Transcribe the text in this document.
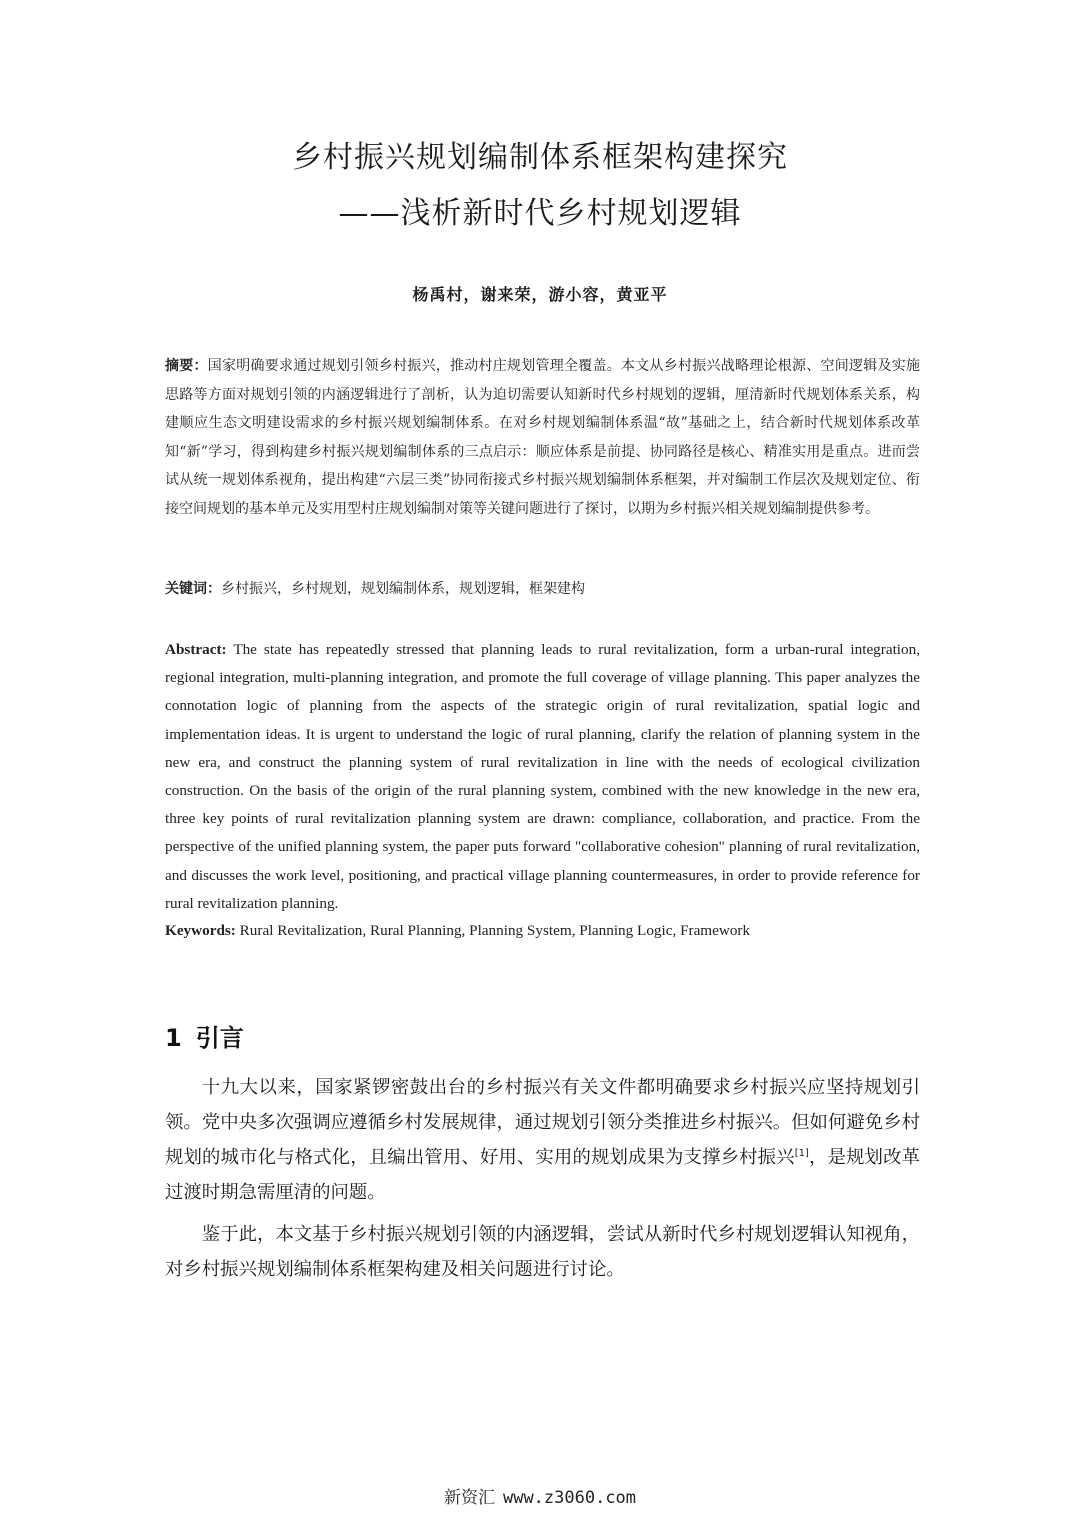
乡村振兴规划编制体系框架构建探究
——浅析新时代乡村规划逻辑
杨禹村，谢来荣，游小容，黄亚平
摘要：国家明确要求通过规划引领乡村振兴，推动村庄规划管理全覆盖。本文从乡村振兴战略理论根源、空间逻辑及实施思路等方面对规划引领的内涵逻辑进行了剖析，认为迫切需要认知新时代乡村规划的逻辑，厘清新时代规划体系关系，构建顺应生态文明建设需求的乡村振兴规划编制体系。在对乡村规划编制体系温“故”基础之上，结合新时代规划体系改革知“新”学习，得到构建乡村振兴规划编制体系的三点启示：顺应体系是前提、协同路径是核心、精准实用是重点。进而尝试从统一规划体系视角，提出构建“六层三类”协同衔接式乡村振兴规划编制体系框架，并对编制工作层次及规划定位、衔接空间规划的基本单元及实用型村庄规划编制对策等关键问题进行了探讨，以期为乡村振兴相关规划编制提供参考。
关键词：乡村振兴，乡村规划，规划编制体系，规划逻辑，框架建构
Abstract: The state has repeatedly stressed that planning leads to rural revitalization, form a urban-rural integration, regional integration, multi-planning integration, and promote the full coverage of village planning. This paper analyzes the connotation logic of planning from the aspects of the strategic origin of rural revitalization, spatial logic and implementation ideas. It is urgent to understand the logic of rural planning, clarify the relation of planning system in the new era, and construct the planning system of rural revitalization in line with the needs of ecological civilization construction. On the basis of the origin of the rural planning system, combined with the new knowledge in the new era, three key points of rural revitalization planning system are drawn: compliance, collaboration, and practice. From the perspective of the unified planning system, the paper puts forward "collaborative cohesion" planning of rural revitalization, and discusses the work level, positioning, and practical village planning countermeasures, in order to provide reference for rural revitalization planning.
Keywords: Rural Revitalization, Rural Planning, Planning System, Planning Logic, Framework
1 引言
十九大以来，国家紧锣密鼓出台的乡村振兴有关文件都明确要求乡村振兴应坚持规划引领。党中央多次强调应遵循乡村发展规律，通过规划引领分类推进乡村振兴。但如何避免乡村规划的城市化与格式化，且编出管用、好用、实用的规划成果为支撑乡村振兴[1]，是规划改革过渡时期急需厘清的问题。
鉴于此，本文基于乡村振兴规划引领的内涵逻辑，尝试从新时代乡村规划逻辑认知视角，对乡村振兴规划编制体系框架构建及相关问题进行讨论。
新资汇 www.z3060.com
